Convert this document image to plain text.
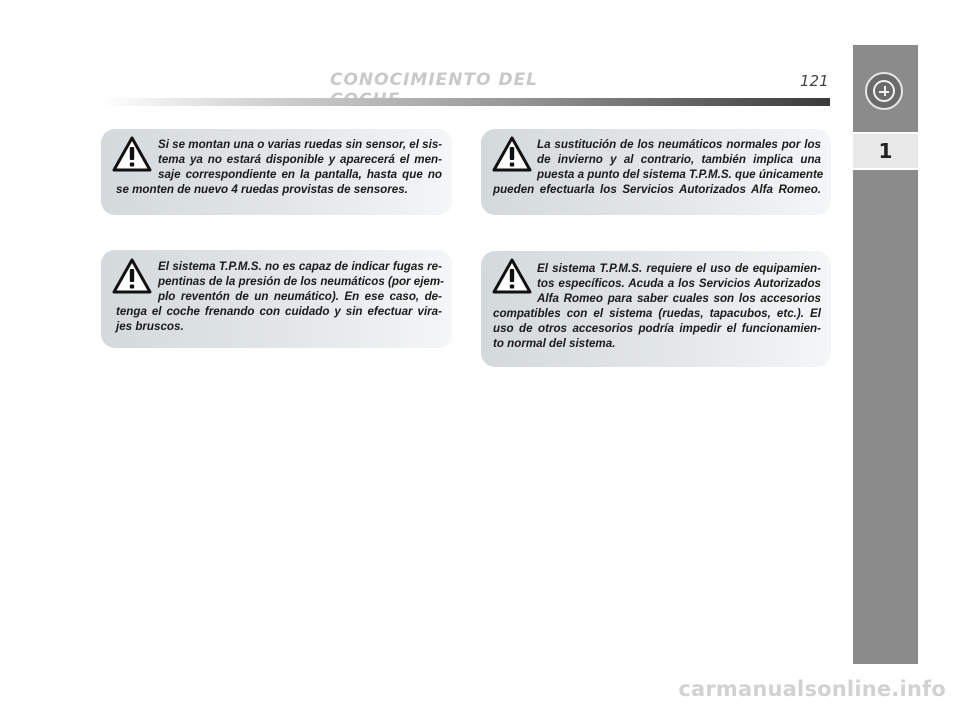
CONOCIMIENTO DEL	121
1
Si se montan una o varias ruedas sin sensor, el sis-
tema ya no estará disponible y aparecerá el men-
saje correspondiente en la pantalla, hasta que no
se monten de nuevo 4 ruedas provistas de sensores.
La sustitución de los neumáticos normales por los
de invierno y al contrario, también implica una
puesta a punto del sistema T.P.M.S. que únicamente
pueden efectuarla los Servicios Autorizados Alfa Romeo.
El sistema T.P.M.S. no es capaz de indicar fugas re-
pentinas de la presión de los neumáticos (por ejem-
plo reventón de un neumático). En ese caso, de-
tenga el coche frenando con cuidado y sin efectuar vira-
jes bruscos.
El sistema T.P.M.S. requiere el uso de equipamien-
tos específicos. Acuda a los Servicios Autorizados
Alfa Romeo para saber cuales son los accesorios
compatibles con el sistema (ruedas, tapacubos, etc.). El
uso de otros accesorios podría impedir el funcionamien-
to normal del sistema.
carmanualsonline.info
